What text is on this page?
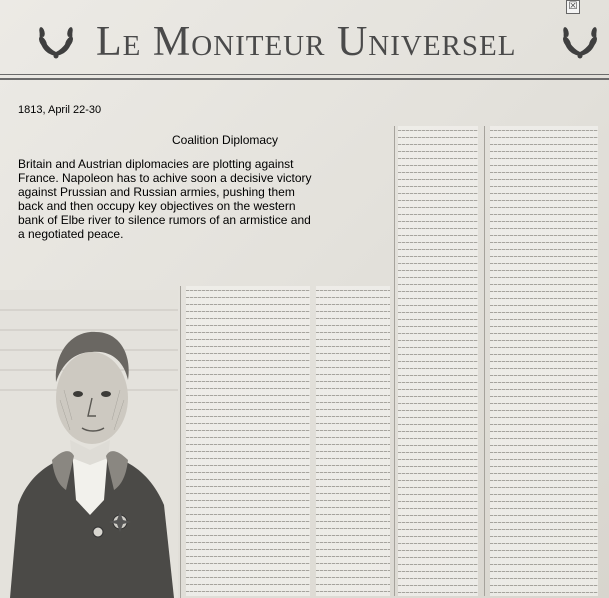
☒
Le Moniteur Universel
1813, April 22-30
Coalition Diplomacy
Britain and Austrian diplomacies are plotting against France. Napoleon has to achive soon a decisive victory against Prussian and Russian armies, pushing them back and then occupy key objectives on the western bank of Elbe river to silence rumors of an armistice and a negotiated peace.
